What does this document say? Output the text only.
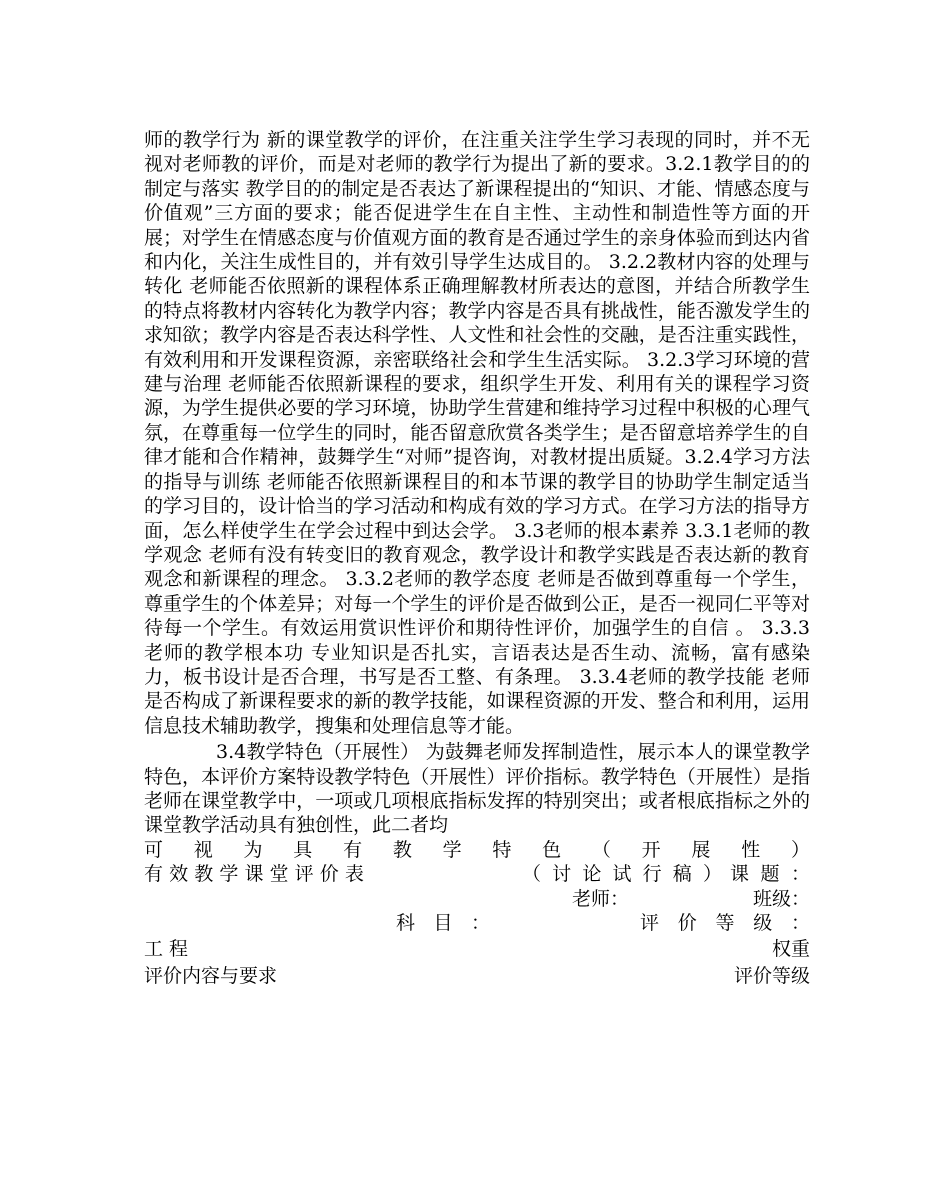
师的教学行为 新的课堂教学的评价，在注重关注学生学习表现的同时，并不无视对老师教的评价，而是对老师的教学行为提出了新的要求。3.2.1教学目的的制定与落实 教学目的的制定是否表达了新课程提出的“知识、才能、情感态度与价值观”三方面的要求；能否促进学生在自主性、主动性和制造性等方面的开展；对学生在情感态度与价值观方面的教育是否通过学生的亲身体验而到达内省和内化，关注生成性目的，并有效引导学生达成目的。 3.2.2教材内容的处理与转化 老师能否依照新的课程体系正确理解教材所表达的意图，并结合所教学生的特点将教材内容转化为教学内容；教学内容是否具有挑战性，能否激发学生的求知欲；教学内容是否表达科学性、人文性和社会性的交融，是否注重实践性，有效利用和开发课程资源，亲密联络社会和学生生活实际。 3.2.3学习环境的营建与治理 老师能否依照新课程的要求，组织学生开发、利用有关的课程学习资源，为学生提供必要的学习环境，协助学生营建和维持学习过程中积极的心理气氛，在尊重每一位学生的同时，能否留意欣赏各类学生；是否留意培养学生的自律才能和合作精神，鼓舞学生“对师”提咨询，对教材提出质疑。3.2.4学习方法的指导与训练 老师能否依照新课程目的和本节课的教学目的协助学生制定适当的学习目的，设计恰当的学习活动和构成有效的学习方式。在学习方法的指导方面，怎么样使学生在学会过程中到达会学。 3.3老师的根本素养 3.3.1老师的教学观念 老师有没有转变旧的教育观念，教学设计和教学实践是否表达新的教育观念和新课程的理念。 3.3.2老师的教学态度 老师是否做到尊重每一个学生，尊重学生的个体差异；对每一个学生的评价是否做到公正，是否一视同仁平等对待每一个学生。有效运用赏识性评价和期待性评价，加强学生的自信 。 3.3.3老师的教学根本功 专业知识是否扎实，言语表达是否生动、流畅，富有感染力，板书设计是否合理，书写是否工整、有条理。 3.3.4老师的教学技能 老师是否构成了新课程要求的新的教学技能，如课程资源的开发、整合和利用，运用信息技术辅助教学，搜集和处理信息等才能。

3.4教学特色（开展性） 为鼓舞老师发挥制造性，展示本人的课堂教学特色，本评价方案特设教学特色（开展性）评价指标。教学特色（开展性）是指老师在课堂教学中，一项或几项根底指标发挥的特别突出；或者根底指标之外的课堂教学活动具有独创性，此二者均

可 视 为 具 有 教 学 特 色 （ 开 展 性 ）
有 效 教 学 课 堂 评 价 表	（ 讨 论 试 行 稿 ） 课 题 ：
老师：	班级：
科 目 ：	评 价 等 级 ：
工程	权重
评价内容与要求	评价等级
